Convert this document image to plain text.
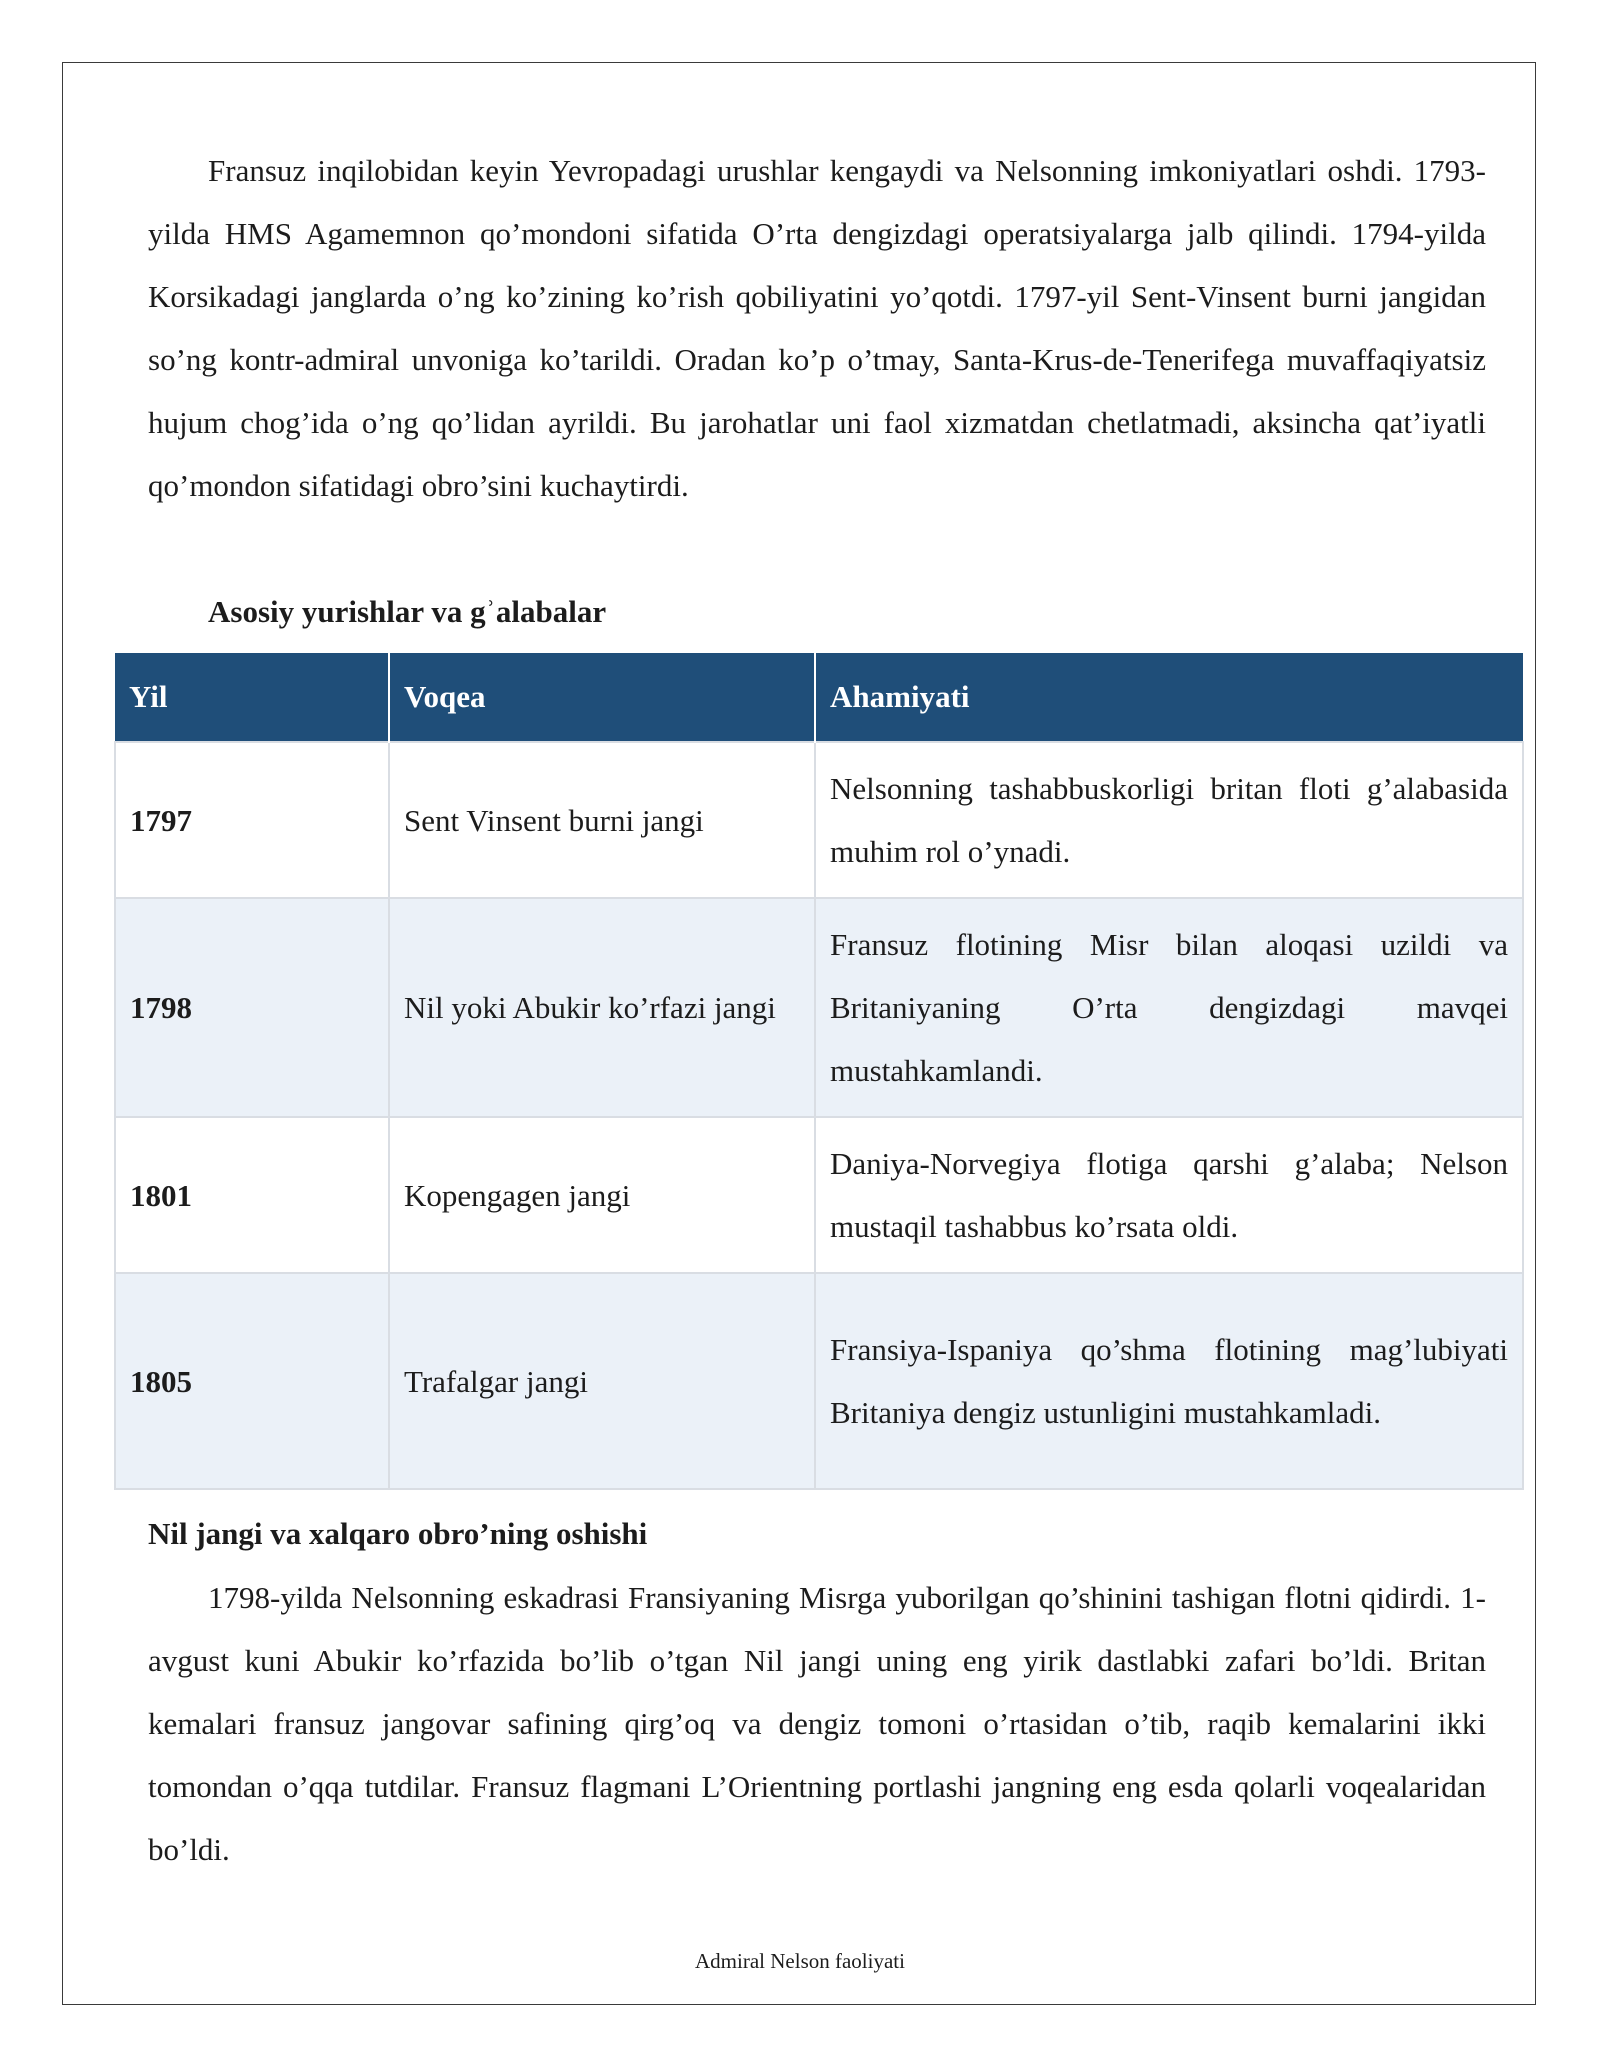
Fransuz inqilobidan keyin Yevropadagi urushlar kengaydi va Nelsonning imkoniyatlari oshdi. 1793-yilda HMS Agamemnon qo’mondoni sifatida O’rta dengizdagi operatsiyalarga jalb qilindi. 1794-yilda Korsikadagi janglarda o’ng ko’zining ko’rish qobiliyatini yo’qotdi. 1797-yil Sent-Vinsent burni jangidan so’ng kontr-admiral unvoniga ko’tarildi. Oradan ko’p o’tmay, Santa-Krus-de-Tenerifega muvaffaqiyatsiz hujum chog’ida o’ng qo’lidan ayrildi. Bu jarohatlar uni faol xizmatdan chetlatmadi, aksincha qat’iyatli qo’mondon sifatidagi obro’sini kuchaytirdi.

Asosiy yurishlar va gʾalabalar
Yil	Voqea	Ahamiyati
1797	Sent Vinsent burni jangi	Nelsonning tashabbuskorligi britan floti g’alabasida muhim rol o’ynadi.
1798	Nil yoki Abukir ko’rfazi jangi	Fransuz flotining Misr bilan aloqasi uzildi va Britaniyaning O’rta dengizdagi mavqei mustahkamlandi.
1801	Kopengagen jangi	Daniya-Norvegiya flotiga qarshi g’alaba; Nelson mustaqil tashabbus ko’rsata oldi.
1805	Trafalgar jangi	Fransiya-Ispaniya qo’shma flotining mag’lubiyati Britaniya dengiz ustunligini mustahkamladi.
Nil jangi va xalqaro obro’ning oshishi

1798-yilda Nelsonning eskadrasi Fransiyaning Misrga yuborilgan qo’shinini tashigan flotni qidirdi. 1-avgust kuni Abukir ko’rfazida bo’lib o’tgan Nil jangi uning eng yirik dastlabki zafari bo’ldi. Britan kemalari fransuz jangovar safining qirg’oq va dengiz tomoni o’rtasidan o’tib, raqib kemalarini ikki tomondan o’qqa tutdilar. Fransuz flagmani L’Orientning portlashi jangning eng esda qolarli voqealaridan bo’ldi.

Admiral Nelson faoliyati
